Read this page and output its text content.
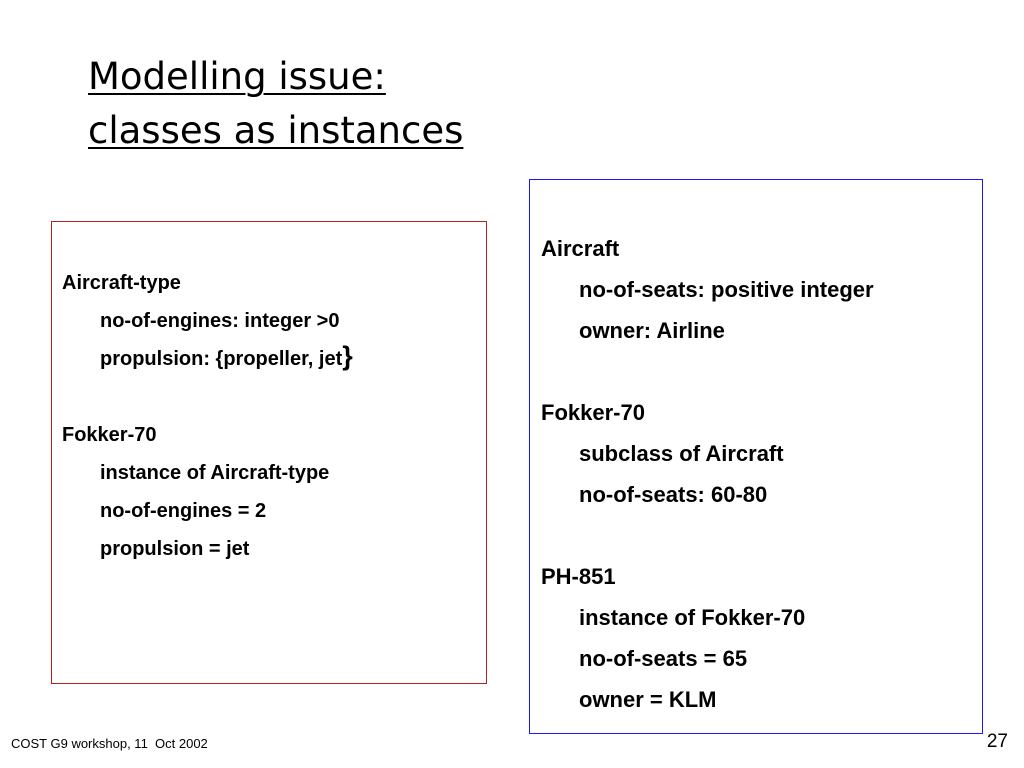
Modelling issue:
classes as instances
Aircraft-type
no-of-engines: integer >0
propulsion: {propeller, jet}
Fokker-70
instance of Aircraft-type
no-of-engines = 2
propulsion = jet
Aircraft
no-of-seats: positive integer
owner: Airline
Fokker-70
subclass of Aircraft
no-of-seats: 60-80
PH-851
instance of Fokker-70
no-of-seats = 65
owner = KLM
COST G9 workshop, 11  Oct 2002	27
